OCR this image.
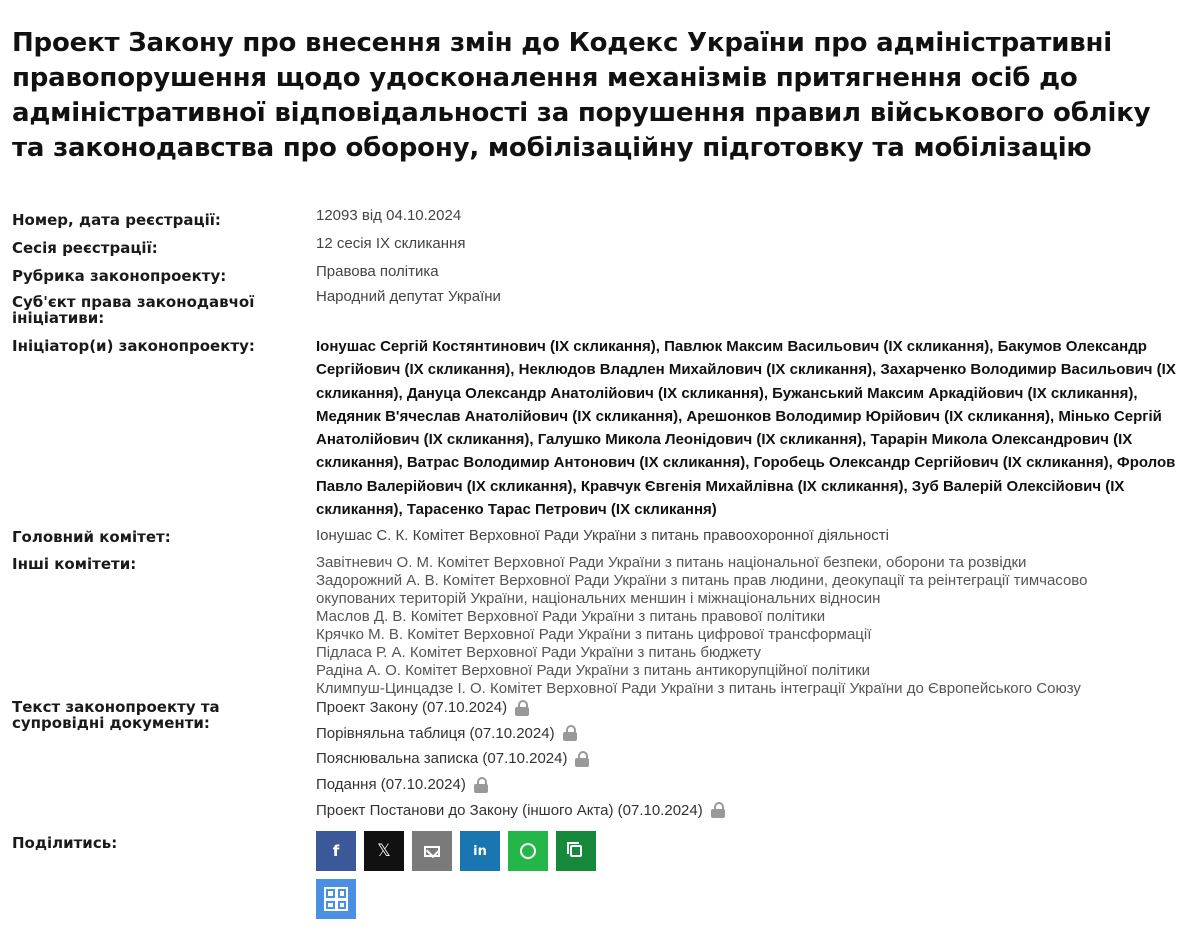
Проект Закону про внесення змін до Кодекс України про адміністративні правопорушення щодо удосконалення механізмів притягнення осіб до адміністративної відповідальності за порушення правил військового обліку та законодавства про оборону, мобілізаційну підготовку та мобілізацію
Номер, дата реєстрації:	12093 від 04.10.2024
Сесія реєстрації:	12 сесія IX скликання
Рубрика законопроекту:	Правова політика
Суб'єкт права законодавчої ініціативи:
Народний депутат України
Ініціатор(и) законопроекту:	Іонушас Сергій Костянтинович (IX скликання), Павлюк Максим Васильович (IX скликання), Бакумов Олександр Сергійович (IX скликання), Неклюдов Владлен Михайлович (IX скликання), Захарченко Володимир Васильович (IX скликання), Дануца Олександр Анатолійович (IX скликання), Бужанський Максим Аркадійович (IX скликання), Медяник В'ячеслав Анатолійович (IX скликання), Арешонков Володимир Юрійович (IX скликання), Мінько Сергій Анатолійович (IX скликання), Галушко Микола Леонідович (IX скликання), Тарарін Микола Олександрович (IX скликання), Ватрас Володимир Антонович (IX скликання), Горобець Олександр Сергійович (IX скликання), Фролов Павло Валерійович (IX скликання), Кравчук Євгенія Михайлівна (IX скликання), Зуб Валерій Олексійович (IX скликання), Тарасенко Тарас Петрович (IX скликання)
Головний комітет:	Іонушас С. К. Комітет Верховної Ради України з питань правоохоронної діяльності
Інші комітети:	Завітневич О. М. Комітет Верховної Ради України з питань національної безпеки, оборони та розвідки
Задорожний А. В. Комітет Верховної Ради України з питань прав людини, деокупації та реінтеграції тимчасово
окупованих територій України, національних меншин і міжнаціональних відносин
Маслов Д. В. Комітет Верховної Ради України з питань правової політики
Крячко М. В. Комітет Верховної Ради України з питань цифрової трансформації
Підласа Р. А. Комітет Верховної Ради України з питань бюджету
Радіна А. О. Комітет Верховної Ради України з питань антикорупційної політики
Климпуш-Цинцадзе І. О. Комітет Верховної Ради України з питань інтеграції України до Європейського Союзу
Текст законопроекту та супровідні документи:
Проект Закону (07.10.2024)
Порівняльна таблиця (07.10.2024)
Пояснювальна записка (07.10.2024)
Подання (07.10.2024)
Проект Постанови до Закону (іншого Акта) (07.10.2024)
Поділитись:	f 𝕏	in
